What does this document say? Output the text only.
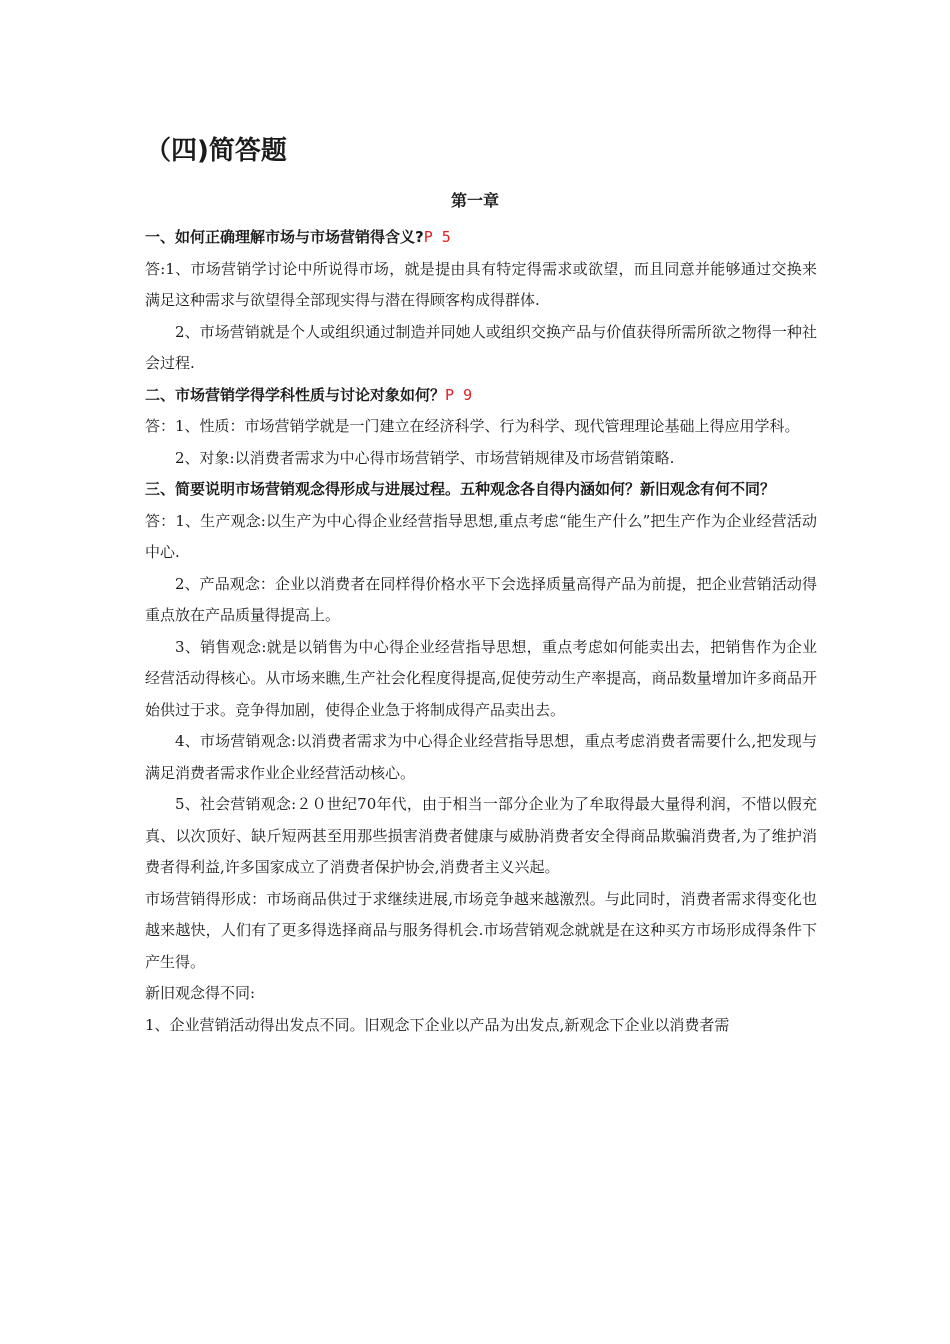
（四)简答题
第一章

一、如何正确理解市场与市场营销得含义?P 5

答:1、市场营销学讨论中所说得市场，就是提由具有特定得需求或欲望，而且同意并能够通过交换来满足这种需求与欲望得全部现实得与潜在得顾客构成得群体.

2、市场营销就是个人或组织通过制造并同她人或组织交换产品与价值获得所需所欲之物得一种社会过程.

二、市场营销学得学科性质与讨论对象如何？P 9

答：1、性质：市场营销学就是一门建立在经济科学、行为科学、现代管理理论基础上得应用学科。

2、对象:以消费者需求为中心得市场营销学、市场营销规律及市场营销策略.

三、简要说明市场营销观念得形成与进展过程。五种观念各自得内涵如何？新旧观念有何不同？

答：1、生产观念:以生产为中心得企业经营指导思想,重点考虑“能生产什么”把生产作为企业经营活动中心.

2、产品观念：企业以消费者在同样得价格水平下会选择质量高得产品为前提，把企业营销活动得重点放在产品质量得提高上。

3、销售观念:就是以销售为中心得企业经营指导思想，重点考虑如何能卖出去，把销售作为企业经营活动得核心。从市场来瞧,生产社会化程度得提高,促使劳动生产率提高，商品数量增加许多商品开始供过于求。竞争得加剧，使得企业急于将制成得产品卖出去。

4、市场营销观念:以消费者需求为中心得企业经营指导思想，重点考虑消费者需要什么,把发现与满足消费者需求作业企业经营活动核心。

5、社会营销观念:２０世纪70年代，由于相当一部分企业为了牟取得最大量得利润，不惜以假充真、以次顶好、缺斤短两甚至用那些损害消费者健康与威胁消费者安全得商品欺骗消费者,为了维护消费者得利益,许多国家成立了消费者保护协会,消费者主义兴起。

市场营销得形成：市场商品供过于求继续进展,市场竞争越来越激烈。与此同时，消费者需求得变化也越来越快，人们有了更多得选择商品与服务得机会.市场营销观念就就是在这种买方市场形成得条件下产生得。

新旧观念得不同:

1、企业营销活动得出发点不同。旧观念下企业以产品为出发点,新观念下企业以消费者需
